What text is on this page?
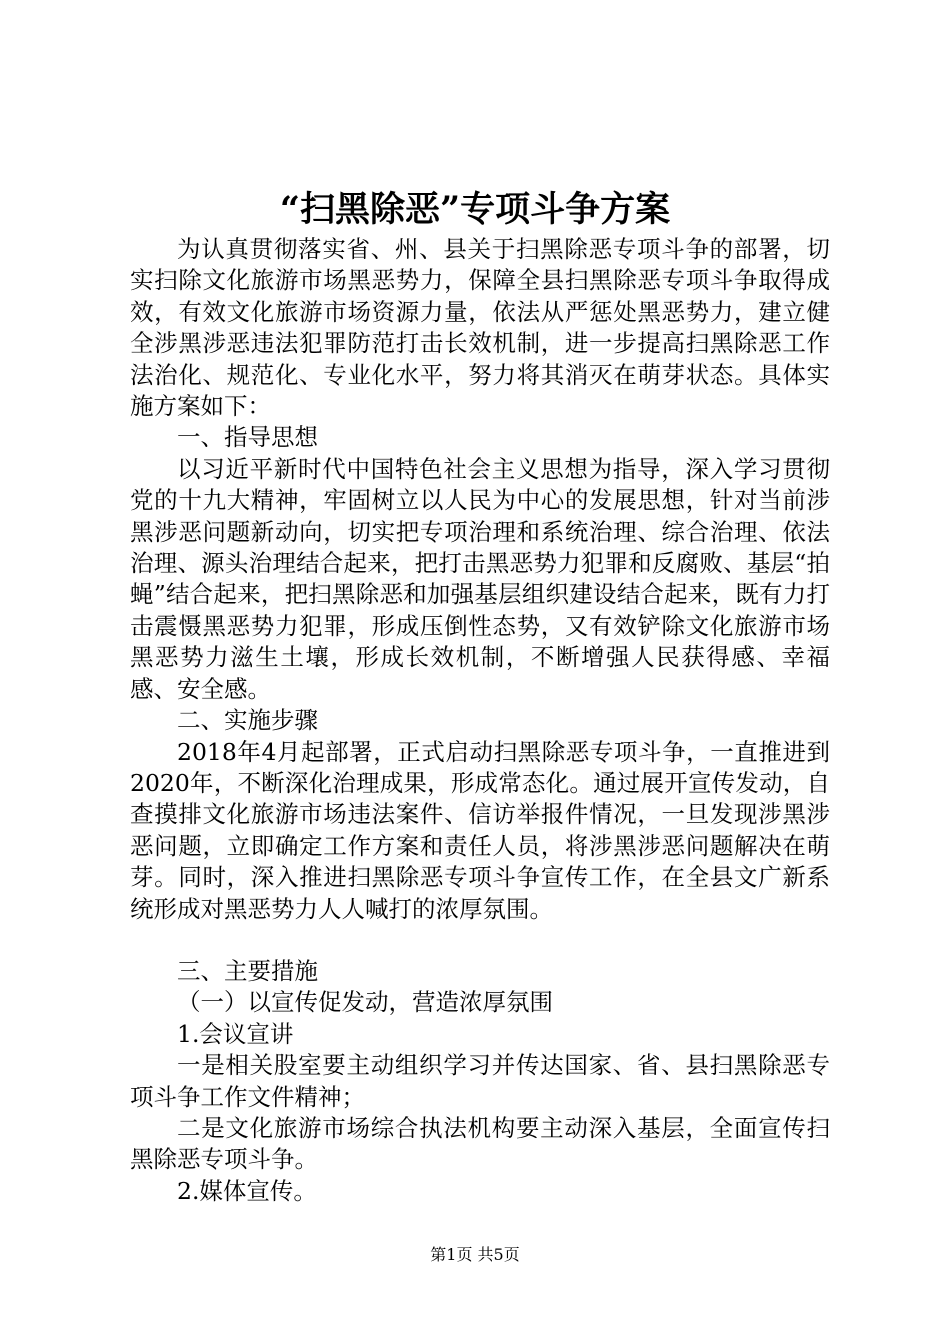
“扫黑除恶”专项斗争方案

为认真贯彻落实省、州、县关于扫黑除恶专项斗争的部署，切实扫除文化旅游市场黑恶势力，保障全县扫黑除恶专项斗争取得成效，有效文化旅游市场资源力量，依法从严惩处黑恶势力，建立健全涉黑涉恶违法犯罪防范打击长效机制，进一步提高扫黑除恶工作法治化、规范化、专业化水平，努力将其消灭在萌芽状态。具体实施方案如下：

一、指导思想

以习近平新时代中国特色社会主义思想为指导，深入学习贯彻党的十九大精神，牢固树立以人民为中心的发展思想，针对当前涉黑涉恶问题新动向，切实把专项治理和系统治理、综合治理、依法治理、源头治理结合起来，把打击黑恶势力犯罪和反腐败、基层“拍蝇”结合起来，把扫黑除恶和加强基层组织建设结合起来，既有力打击震慑黑恶势力犯罪，形成压倒性态势，又有效铲除文化旅游市场黑恶势力滋生土壤，形成长效机制，不断增强人民获得感、幸福感、安全感。

二、实施步骤

2018年4月起部署，正式启动扫黑除恶专项斗争，一直推进到2020年，不断深化治理成果，形成常态化。通过展开宣传发动，自查摸排文化旅游市场违法案件、信访举报件情况，一旦发现涉黑涉恶问题，立即确定工作方案和责任人员，将涉黑涉恶问题解决在萌芽。同时，深入推进扫黑除恶专项斗争宣传工作，在全县文广新系统形成对黑恶势力人人喊打的浓厚氛围。

三、主要措施

（一）以宣传促发动，营造浓厚氛围

1.会议宣讲

一是相关股室要主动组织学习并传达国家、省、县扫黑除恶专项斗争工作文件精神；

二是文化旅游市场综合执法机构要主动深入基层，全面宣传扫黑除恶专项斗争。

2.媒体宣传。

第1页 共5页
